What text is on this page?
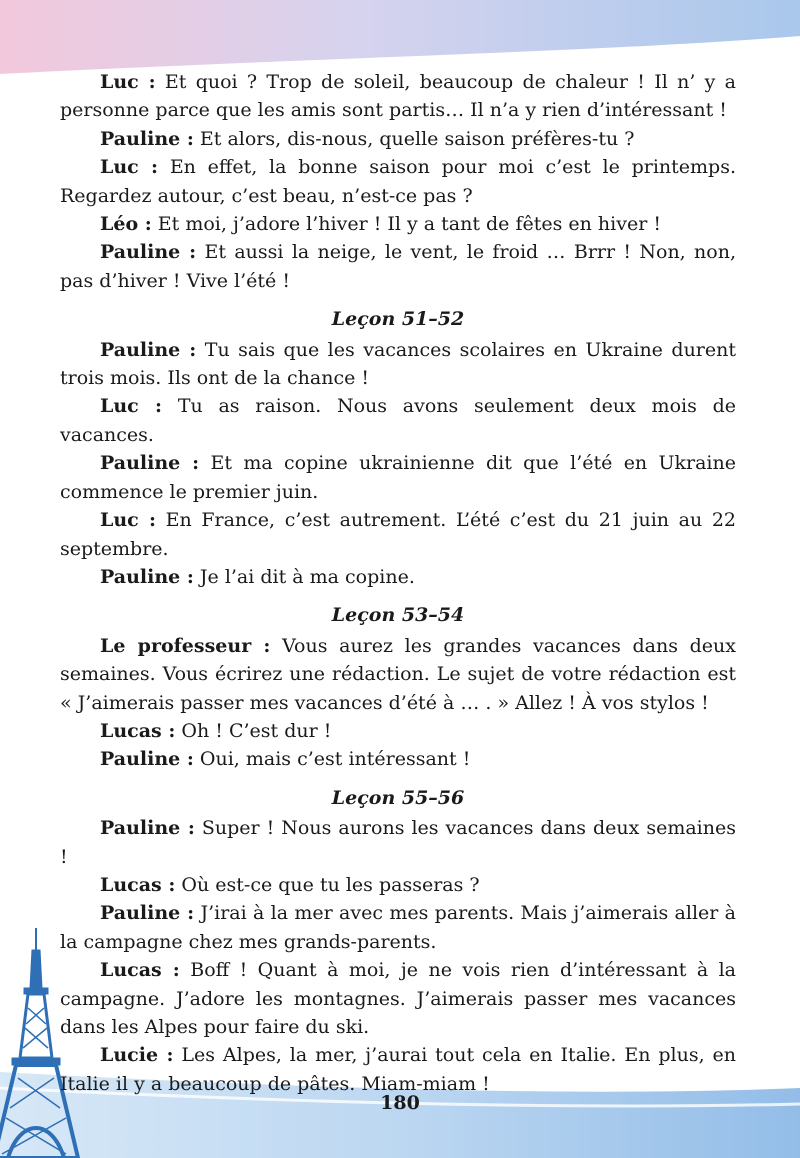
Luc : Et quoi ? Trop de soleil, beaucoup de chaleur ! Il n’ y a personne parce que les amis sont partis… Il n’a y rien d’intéressant !

Pauline : Et alors, dis-nous, quelle saison préfères-tu ?

Luc : En effet, la bonne saison pour moi c’est le printemps. Regardez autour, c’est beau, n’est-ce pas ?

Léo : Et moi, j’adore l’hiver ! Il y a tant de fêtes en hiver !

Pauline : Et aussi la neige, le vent, le froid … Brrr ! Non, non, pas d’hiver ! Vive l’été !

Leçon 51–52

Pauline : Tu sais que les vacances scolaires en Ukraine durent trois mois. Ils ont de la chance !

Luc : Tu as raison. Nous avons seulement deux mois de vacances.

Pauline : Et ma copine ukrainienne dit que l’été en Ukraine commence le premier juin.

Luc : En France, c’est autrement. L’été c’est du 21 juin au 22 septembre.

Pauline : Je l’ai dit à ma copine.

Leçon 53–54

Le professeur : Vous aurez les grandes vacances dans deux semaines. Vous écrirez une rédaction. Le sujet de votre rédaction est « J’aimerais passer mes vacances d’été à … . » Allez ! À vos stylos !

Lucas : Oh ! C’est dur !

Pauline : Oui, mais c’est intéressant !

Leçon 55–56

Pauline : Super ! Nous aurons les vacances dans deux semaines !

Lucas : Où est-ce que tu les passeras ?

Pauline : J’irai à la mer avec mes parents. Mais j’aimerais aller à la campagne chez mes grands-parents.

Lucas : Boff ! Quant à moi, je ne vois rien d’intéressant à la campagne. J’adore les montagnes. J’aimerais passer mes vacances dans les Alpes pour faire du ski.

Lucie : Les Alpes, la mer, j’aurai tout cela en Italie. En plus, en Italie il y a beaucoup de pâtes. Miam-miam !

180
